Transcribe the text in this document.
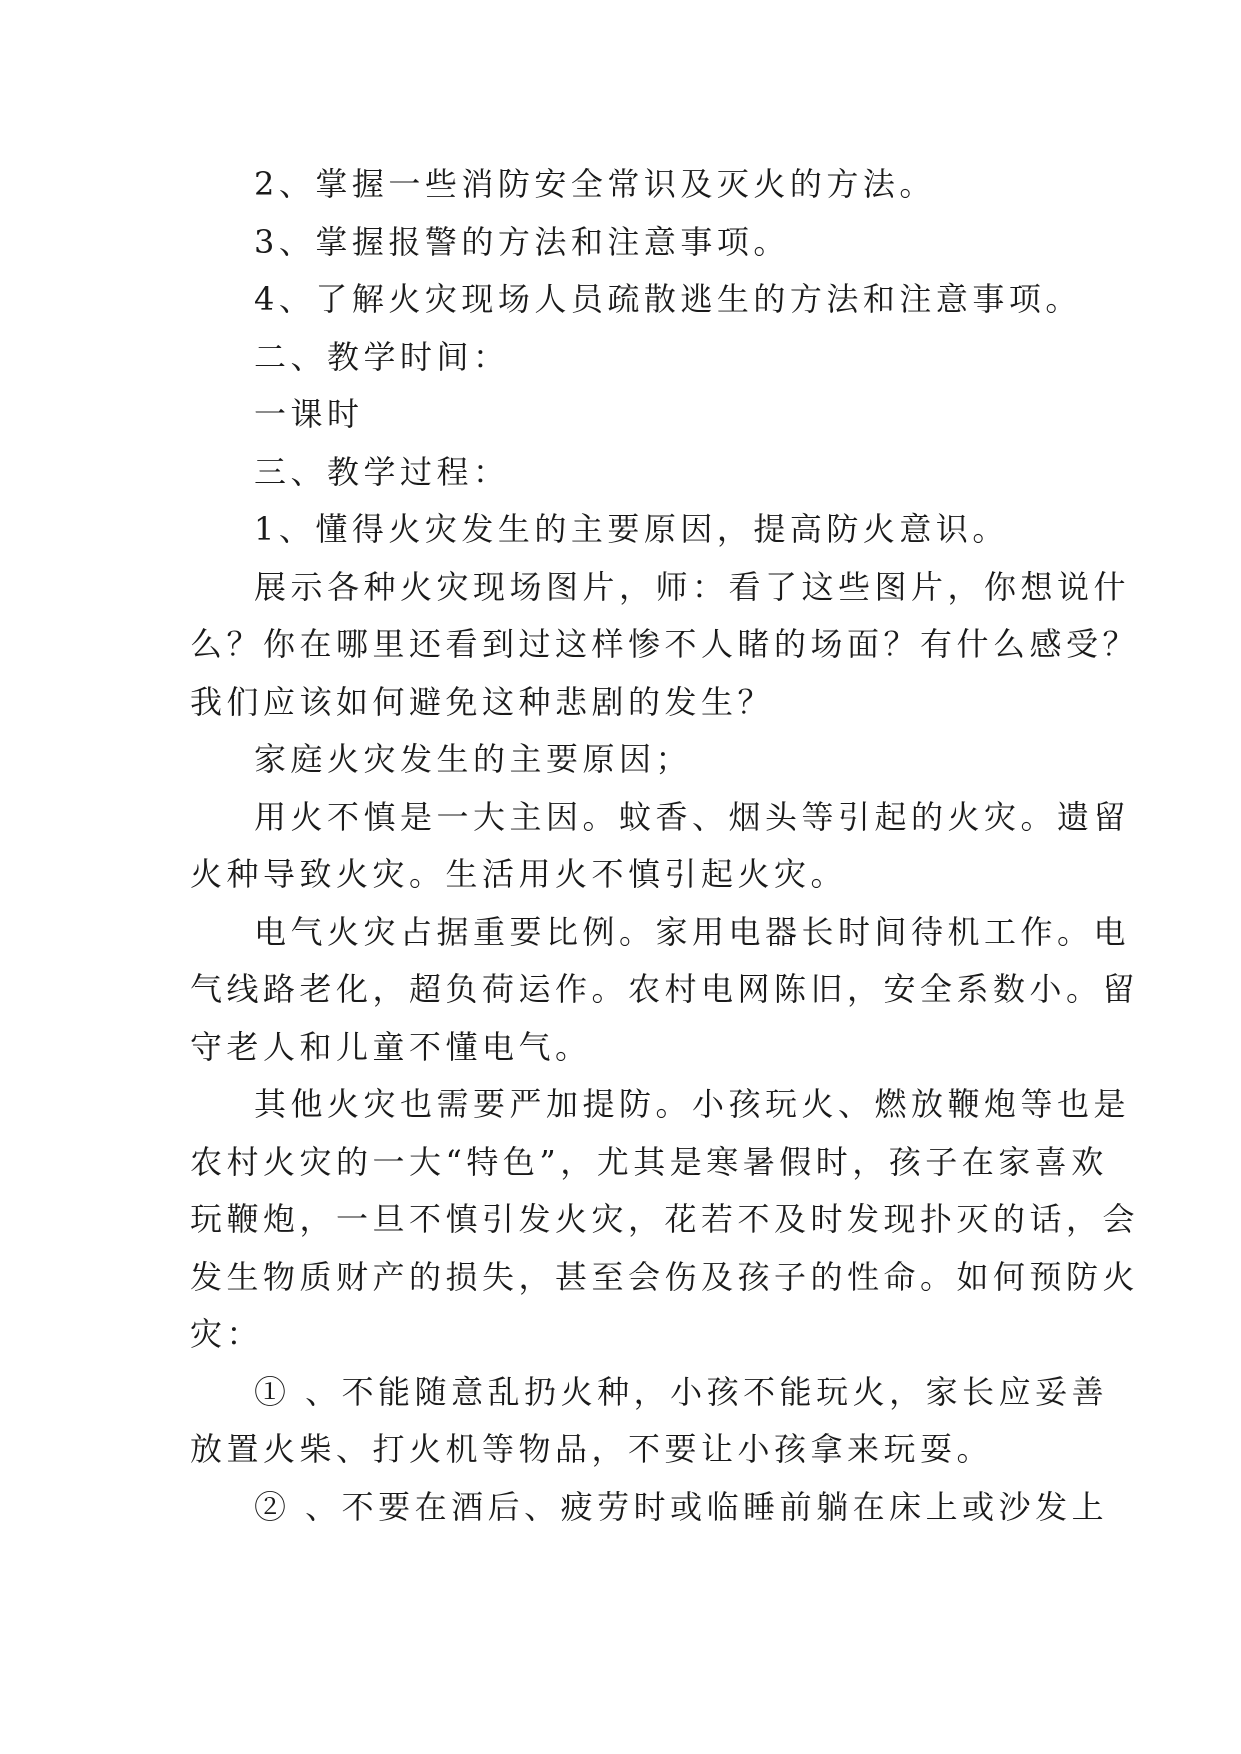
2、掌握一些消防安全常识及灭火的方法。

3、掌握报警的方法和注意事项。

4、了解火灾现场人员疏散逃生的方法和注意事项。

二、教学时间：

一课时

三、教学过程：

1、懂得火灾发生的主要原因，提高防火意识。

展示各种火灾现场图片，师：看了这些图片，你想说什
么？你在哪里还看到过这样惨不人睹的场面？有什么感受？
我们应该如何避免这种悲剧的发生？

家庭火灾发生的主要原因；

用火不慎是一大主因。蚊香、烟头等引起的火灾。遗留
火种导致火灾。生活用火不慎引起火灾。

电气火灾占据重要比例。家用电器长时间待机工作。电
气线路老化，超负荷运作。农村电网陈旧，安全系数小。留
守老人和儿童不懂电气。

其他火灾也需要严加提防。小孩玩火、燃放鞭炮等也是
农村火灾的一大“特色”，尤其是寒暑假时，孩子在家喜欢
玩鞭炮，一旦不慎引发火灾，花若不及时发现扑灭的话，会
发生物质财产的损失，甚至会伤及孩子的性命。如何预防火
灾：

① 、不能随意乱扔火种，小孩不能玩火，家长应妥善
放置火柴、打火机等物品，不要让小孩拿来玩耍。

② 、不要在酒后、疲劳时或临睡前躺在床上或沙发上
